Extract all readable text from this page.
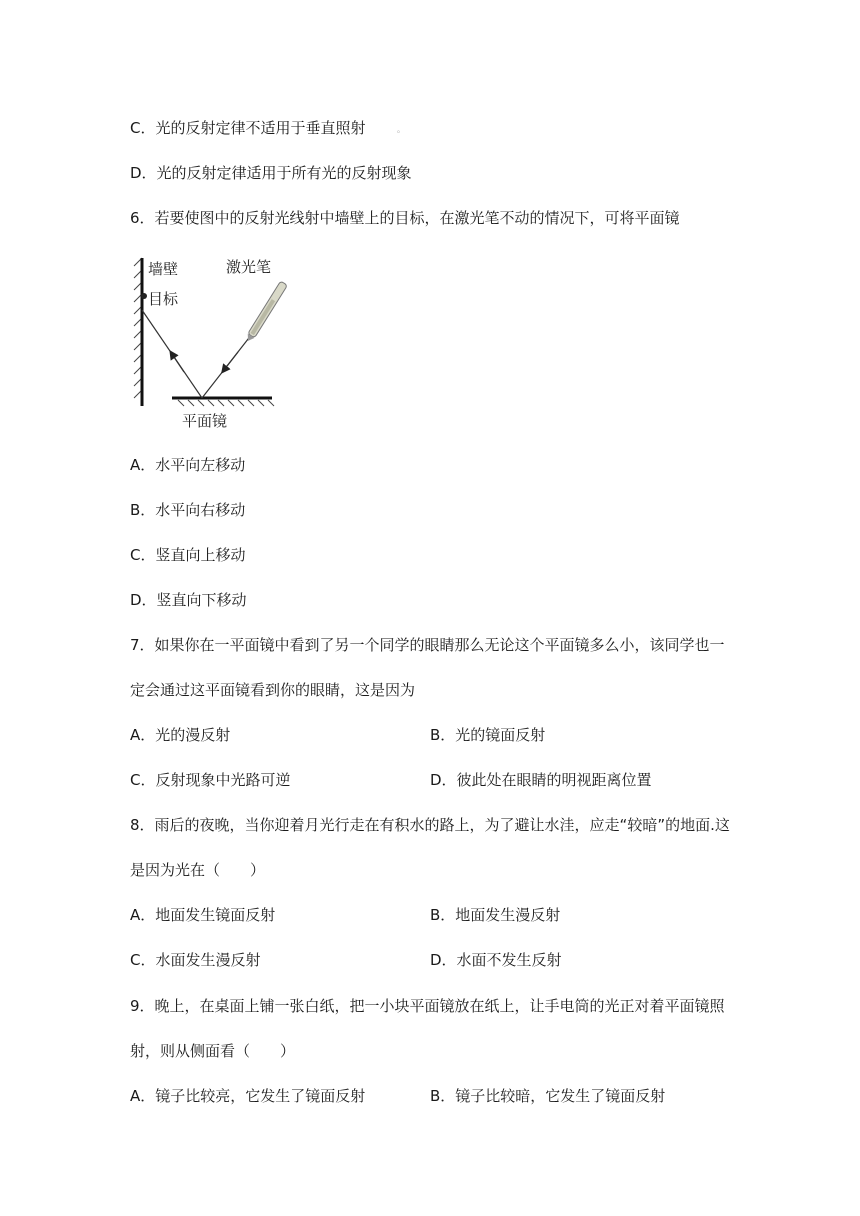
C．光的反射定律不适用于垂直照射	。
D．光的反射定律适用于所有光的反射现象
6．若要使图中的反射光线射中墙壁上的目标，在激光笔不动的情况下，可将平面镜
墙壁
目标
激光笔
平面镜
A．水平向左移动
B．水平向右移动
C．竖直向上移动
D．竖直向下移动
7．如果你在一平面镜中看到了另一个同学的眼睛那么无论这个平面镜多么小，该同学也一
定会通过这平面镜看到你的眼睛，这是因为
A．光的漫反射	B．光的镜面反射
C．反射现象中光路可逆	D．彼此处在眼睛的明视距离位置
8．雨后的夜晚，当你迎着月光行走在有积水的路上，为了避让水洼，应走“较暗”的地面.这
是因为光在（　　）
A．地面发生镜面反射	B．地面发生漫反射
C．水面发生漫反射	D．水面不发生反射
9．晚上，在桌面上铺一张白纸，把一小块平面镜放在纸上，让手电筒的光正对着平面镜照
射，则从侧面看（　　）
A．镜子比较亮，它发生了镜面反射	B．镜子比较暗，它发生了镜面反射
